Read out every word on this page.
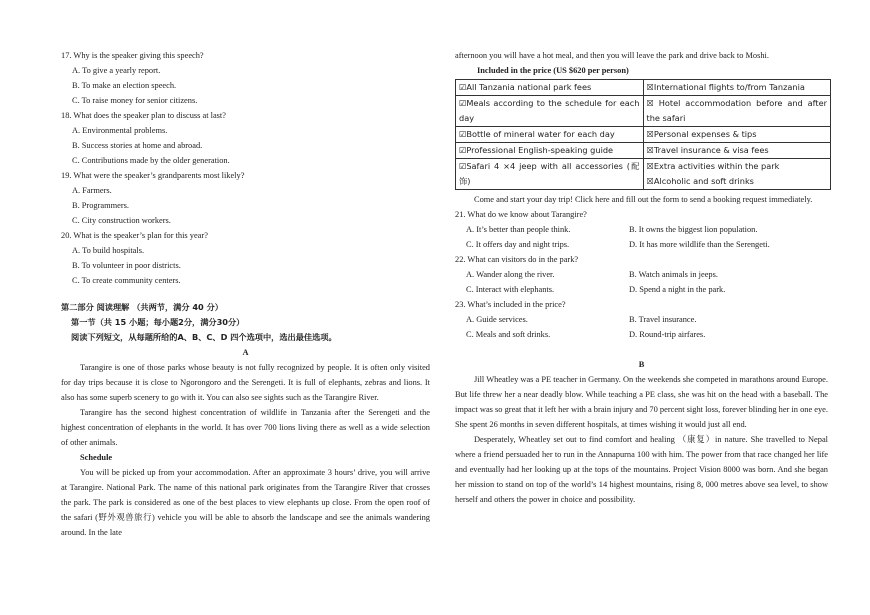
17. Why is the speaker giving this speech?
A. To give a yearly report.
B. To make an election speech.
C. To raise money for senior citizens.
18. What does the speaker plan to discuss at last?
A. Environmental problems.
B. Success stories at home and abroad.
C. Contributions made by the older generation.
19. What were the speaker’s grandparents most likely?
A. Farmers.
B. Programmers.
C. City construction workers.
20. What is the speaker’s plan for this year?
A. To build hospitals.
B. To volunteer in poor districts.
C. To create community centers.
第二部分 阅读理解 （共两节，满分 40 分）
第一节（共 15 小题；每小题2分，满分30分）
阅读下列短文，从每题所给的A、B、C、D 四个选项中，选出最佳选项。
A
Tarangire is one of those parks whose beauty is not fully recognized by people. It is often only visited for day trips because it is close to Ngorongoro and the Serengeti. It is full of elephants, zebras and lions. It also has some superb scenery to go with it. You can also see sights such as the Tarangire River.
Tarangire has the second highest concentration of wildlife in Tanzania after the Serengeti and the highest concentration of elephants in the world. It has over 700 lions living there as well as a wide selection of other animals.
Schedule
You will be picked up from your accommodation. After an approximate 3 hours’ drive, you will arrive at Tarangire. National Park. The name of this national park originates from the Tarangire River that crosses the park. The park is considered as one of the best places to view elephants up close. From the open roof of the safari (野外观兽旅行) vehicle you will be able to absorb the landscape and see the animals wandering around. In the late
afternoon you will have a hot meal, and then you will leave the park and drive back to Moshi.
Included in the price (US $620 per person)
☑All Tanzania national park fees	☒International flights to/from Tanzania
☑Meals according to the schedule for each day	☒ Hotel accommodation before and after the safari
☑Bottle of mineral water for each day	☒Personal expenses & tips
☑Professional English-speaking guide	☒Travel insurance & visa fees
☑Safari 4 ×4 jeep with all accessories (配饰)	☒Extra activities within the park
☒Alcoholic and soft drinks
Come and start your day trip! Click here and fill out the form to send a booking request immediately.
21. What do we know about Tarangire?
A. It’s better than people think.	B. It owns the biggest lion population.
C. It offers day and night trips.	D. It has more wildlife than the Serengeti.
22. What can visitors do in the park?
A. Wander along the river.	B. Watch animals in jeeps.
C. Interact with elephants.	D. Spend a night in the park.
23. What’s included in the price?
A. Guide services.	B. Travel insurance.
C. Meals and soft drinks.	D. Round-trip airfares.
B
Jill Wheatley was a PE teacher in Germany. On the weekends she competed in marathons around Europe. But life threw her a near deadly blow. While teaching a PE class, she was hit on the head with a baseball. The impact was so great that it left her with a brain injury and 70 percent sight loss, forever blinding her in one eye. She spent 26 months in seven different hospitals, at times wishing it would just all end.
Desperately, Wheatley set out to find comfort and healing （康复）in nature. She travelled to Nepal where a friend persuaded her to run in the Annapurna 100 with him. The power from that race changed her life and eventually had her looking up at the tops of the mountains. Project Vision 8000 was born. And she began her mission to stand on top of the world’s 14 highest mountains, rising 8, 000 metres above sea level, to show herself and others the power in choice and possibility.
